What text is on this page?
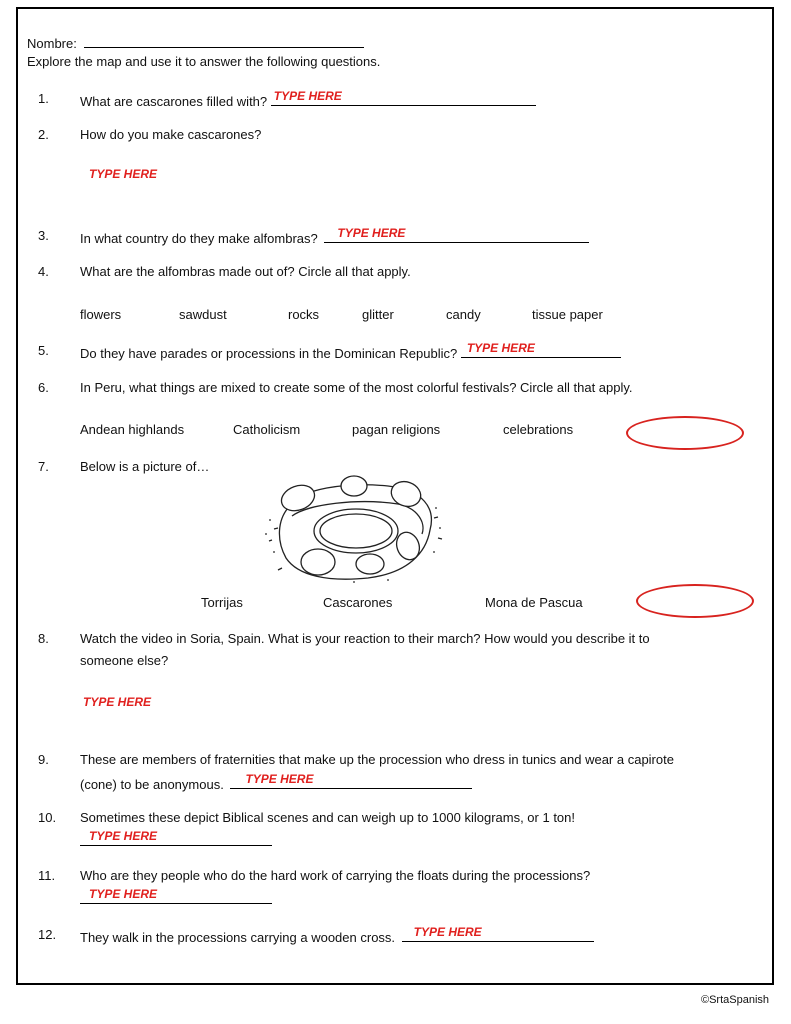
Nombre:
Explore the map and use it to answer the following questions.
1. What are cascarones filled with? TYPE HERE
2. How do you make cascarones?
TYPE HERE
3. In what country do they make alfombras? TYPE HERE
4. What are the alfombras made out of? Circle all that apply.
flowers	sawdust	rocks	glitter	candy	tissue paper
5. Do they have parades or processions in the Dominican Republic? TYPE HERE
6. In Peru, what things are mixed to create some of the most colorful festivals? Circle all that apply.
Andean highlands	Catholicism	pagan religions	celebrations
7. Below is a picture of…
Torrijas	Cascarones	Mona de Pascua
8. Watch the video in Soria, Spain. What is your reaction to their march? How would you describe it to
someone else?
TYPE HERE
9. These are members of fraternities that make up the procession who dress in tunics and wear a capirote
(cone) to be anonymous. TYPE HERE
10. Sometimes these depict Biblical scenes and can weigh up to 1000 kilograms, or 1 ton!
TYPE HERE
11. Who are they people who do the hard work of carrying the floats during the processions?
TYPE HERE
12. They walk in the processions carrying a wooden cross. TYPE HERE
©SrtaSpanish
